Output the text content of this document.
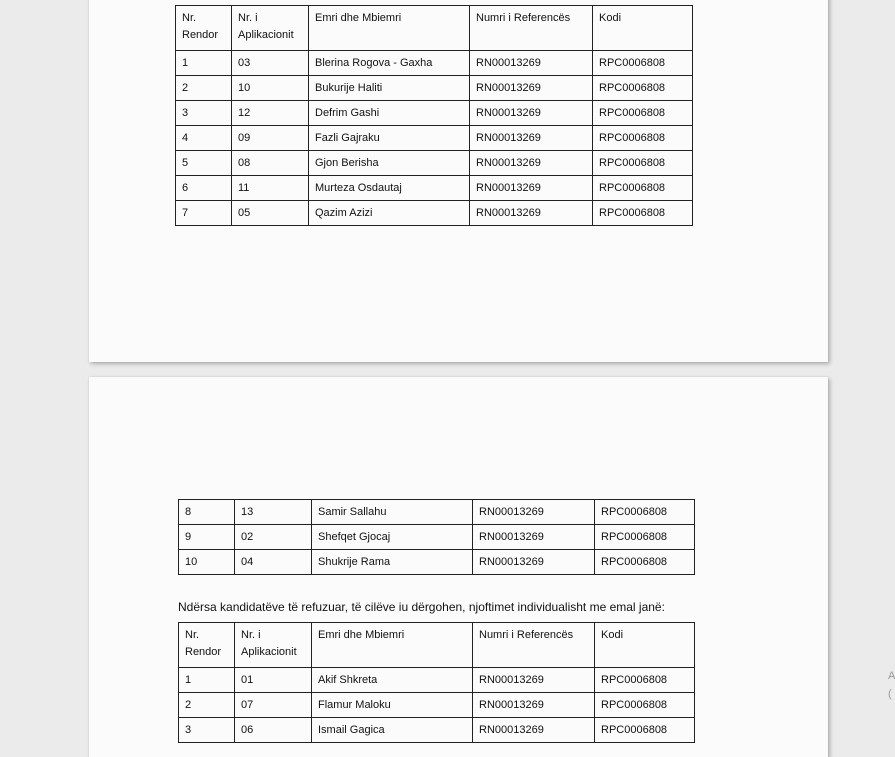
Nr. Rendor	Nr. i Aplikacionit	Emri dhe Mbiemri	Numri i Referencës	Kodi
1	03	Blerina Rogova - Gaxha	RN00013269	RPC0006808
2	10	Bukurije Haliti	RN00013269	RPC0006808
3	12	Defrim Gashi	RN00013269	RPC0006808
4	09	Fazli Gajraku	RN00013269	RPC0006808
5	08	Gjon Berisha	RN00013269	RPC0006808
6	11	Murteza Osdautaj	RN00013269	RPC0006808
7	05	Qazim Azizi	RN00013269	RPC0006808
8	13	Samir Sallahu	RN00013269	RPC0006808
9	02	Shefqet Gjocaj	RN00013269	RPC0006808
10	04	Shukrije Rama	RN00013269	RPC0006808
Ndërsa kandidatëve të refuzuar, të cilëve iu dërgohen, njoftimet individualisht me emal janë:
Nr. Rendor	Nr. i Aplikacionit	Emri dhe Mbiemri	Numri i Referencës	Kodi
1	01	Akif Shkreta	RN00013269	RPC0006808
2	07	Flamur Maloku	RN00013269	RPC0006808
3	06	Ismail Gagica	RN00013269	RPC0006808
A
(
